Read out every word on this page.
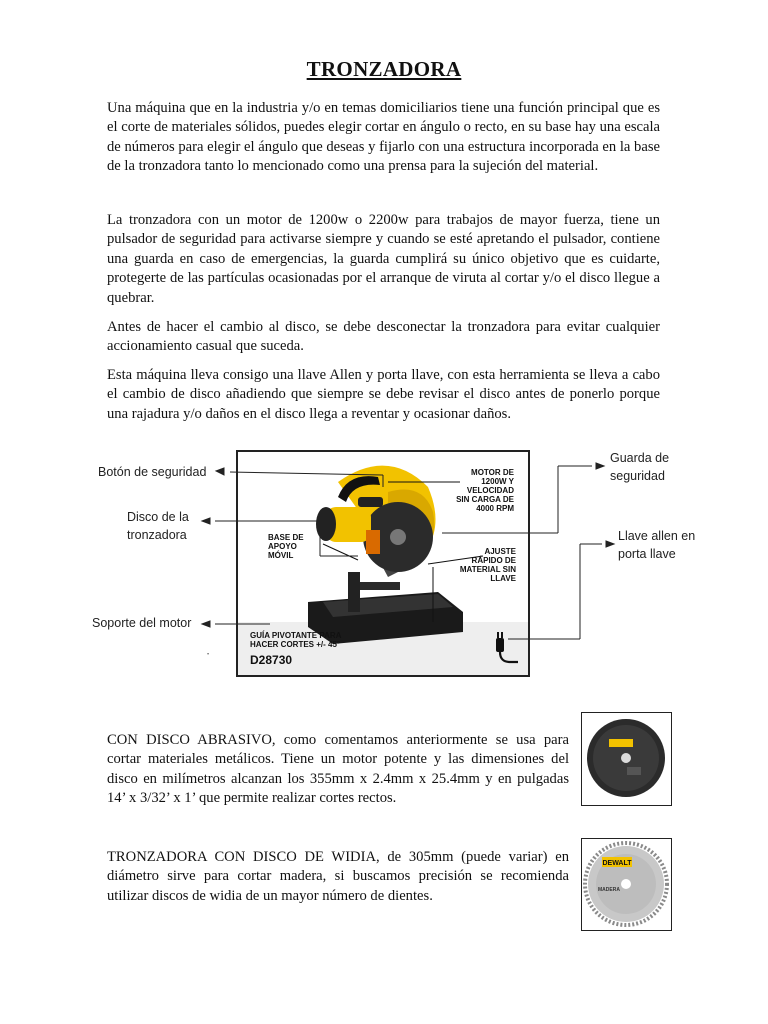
TRONZADORA

Una máquina que en la industria y/o en temas domiciliarios tiene una función principal que es el corte de materiales sólidos, puedes elegir cortar en ángulo o recto, en su base hay una escala de números para elegir el ángulo que deseas y fijarlo con una estructura incorporada en la base de la tronzadora tanto lo mencionado como una prensa para la sujeción del material.

La tronzadora con un motor de 1200w o 2200w para trabajos de mayor fuerza, tiene un pulsador de seguridad para activarse siempre y cuando se esté apretando el pulsador, contiene una guarda en caso de emergencias, la guarda cumplirá su único objetivo que es cuidarte, protegerte de las partículas ocasionadas por el arranque de viruta al cortar y/o el disco llegue a quebrar.

Antes de hacer el cambio al disco, se debe desconectar la tronzadora para evitar cualquier accionamiento casual que suceda.

Esta máquina lleva consigo una llave Allen y porta llave, con esta herramienta se lleva a cabo el cambio de disco añadiendo que siempre se debe revisar el disco antes de ponerlo porque una rajadura y/o daños en el disco llega a reventar y ocasionar daños.

Botón de seguridad
Disco de la tronzadora
Soporte del motor
Guarda de seguridad
Llave allen en porta llave
MOTOR DE 1200W Y VELOCIDAD SIN CARGA DE 4000 RPM
BASE DE APOYO MÓVIL	AJUSTE RÁPIDO DE MATERIAL SIN LLAVE
GUÍA PIVOTANTE PARA HACER CORTES +/- 45°
D28730
•

CON DISCO ABRASIVO, como comentamos anteriormente se usa para cortar materiales metálicos. Tiene un motor potente y las dimensiones del disco en milímetros alcanzan los 355mm x 2.4mm x 25.4mm y en pulgadas 14’ x 3/32’ x 1’ que permite realizar cortes rectos.

TRONZADORA CON DISCO DE WIDIA, de 305mm (puede variar) en diámetro sirve para cortar madera, si buscamos precisión se recomienda utilizar discos de widia de un mayor número de dientes.

DEWALT
MADERA
